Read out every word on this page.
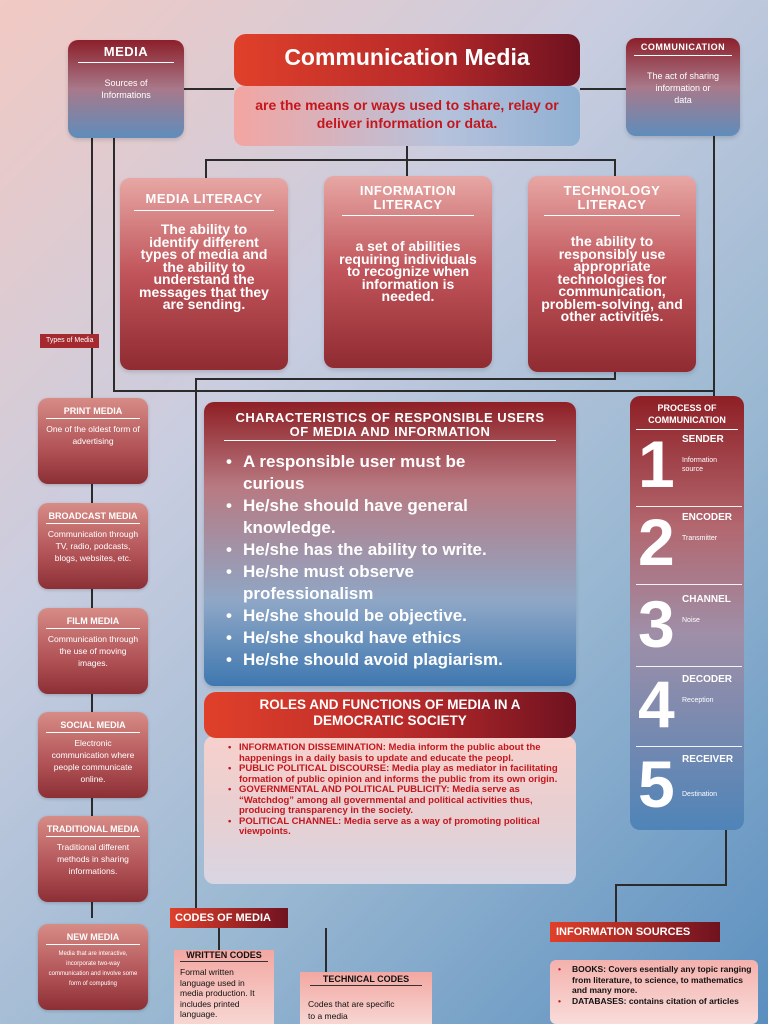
MEDIA
Sources of Informations
Communication Media
are the means or ways used to share, relay or deliver information or data.
COMMUNICATION
The act of sharing information or data
MEDIA LITERACY
The ability to identify different types of media and the ability to understand the messages that they are sending.
INFORMATION LITERACY
a set of abilities requiring individuals to recognize when information is needed.
TECHNOLOGY LITERACY
the ability to responsibly use appropriate technologies for communication, problem-solving, and other activities.
Types of Media
PRINT MEDIA
One of the oldest form of advertising
BROADCAST MEDIA
Communication through TV, radio, podcasts, blogs, websites, etc.
FILM MEDIA
Communication through the use of moving images.
SOCIAL MEDIA
Electronic communication where people communicate online.
TRADITIONAL MEDIA
Traditional different methods in sharing informations.
NEW MEDIA
Media that are interactive, incorporate two-way communication and involve some form of computing
CHARACTERISTICS OF RESPONSIBLE USERS OF MEDIA AND INFORMATION
• A responsible user must be curious
• He/she should have general knowledge.
• He/she has the ability to write.
• He/she must observe professionalism
• He/she should be objective.
• He/she shoukd have ethics
• He/she should avoid plagiarism.
ROLES AND FUNCTIONS OF MEDIA IN A DEMOCRATIC SOCIETY
• INFORMATION DISSEMINATION: Media inform the public about the happenings in a daily basis to update and educate the peopl.
• PUBLIC POLITICAL DISCOURSE: Media play as mediator in facilitating formation of public opinion and informs the public from its own origin.
• GOVERNMENTAL AND POLITICAL PUBLICITY: Media serve as “Watchdog” among all governmental and political activities thus, producing transparency in the society.
• POLITICAL CHANNEL: Media serve as a way of promoting political viewpoints.
PROCESS OF COMMUNICATION
1 SENDER
Information source
2 ENCODER
Transmitter
3 CHANNEL
Noise
4 DECODER
Reception
5 RECEIVER
Destination
CODES OF MEDIA
WRITTEN CODES
Formal written language used in media production. It includes printed language.
TECHNICAL CODES
Codes that are specific to a media
INFORMATION SOURCES
• BOOKS: Covers esentially any topic ranging from literature, to science, to mathematics and many more.
• DATABASES: contains citation of articles
